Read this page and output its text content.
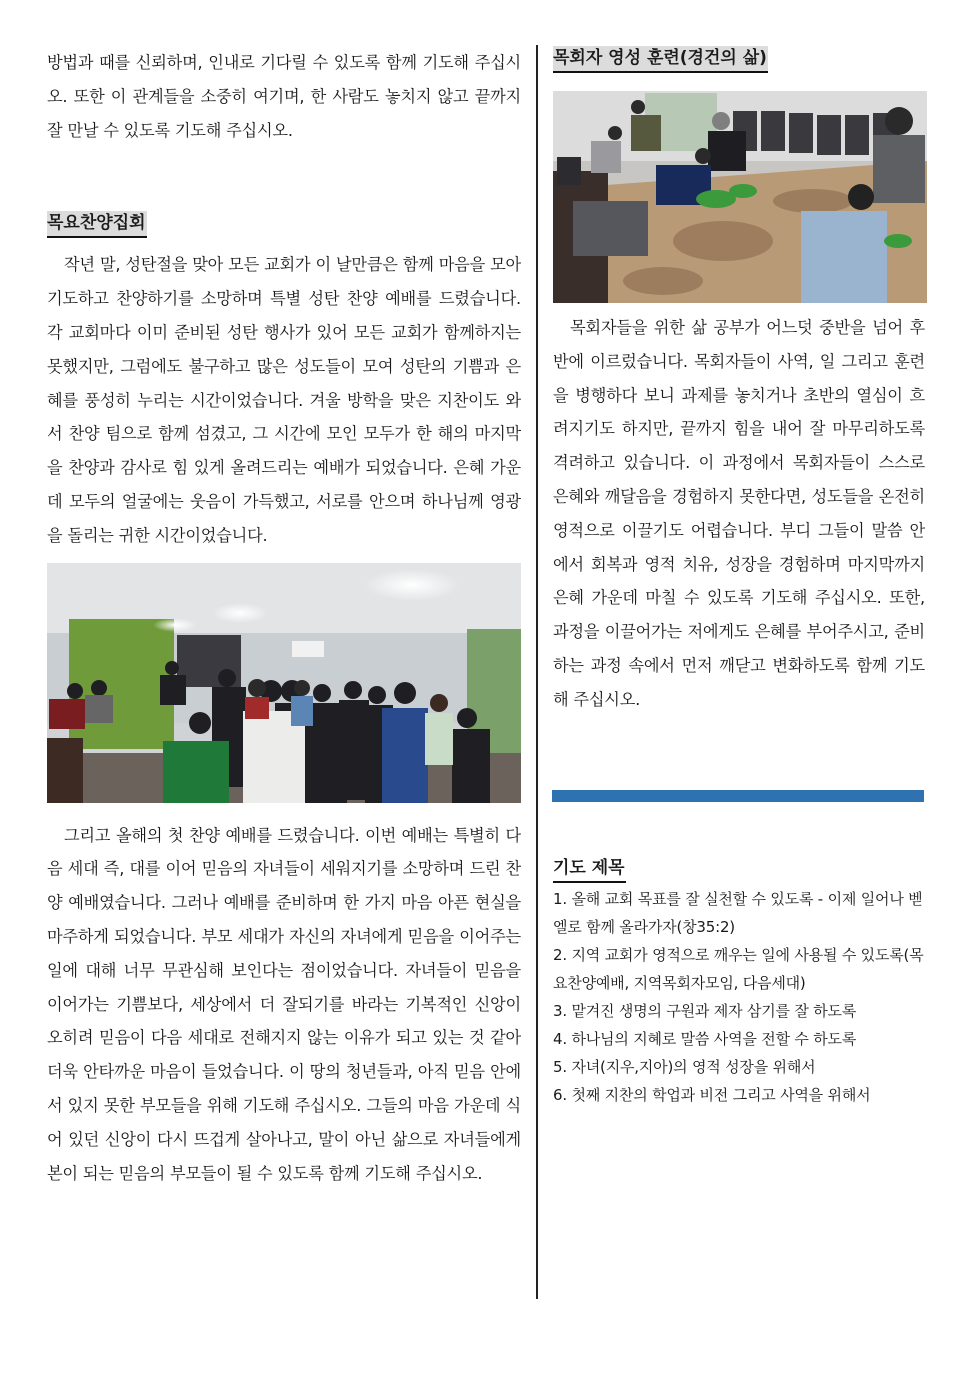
방법과 때를 신뢰하며, 인내로 기다릴 수 있도록 함께 기도해 주십시오. 또한 이 관계들을 소중히 여기며, 한 사람도 놓치지 않고 끝까지 잘 만날 수 있도록 기도해 주십시오.

목요찬양집회

작년 말, 성탄절을 맞아 모든 교회가 이 날만큼은 함께 마음을 모아 기도하고 찬양하기를 소망하며 특별 성탄 찬양 예배를 드렸습니다. 각 교회마다 이미 준비된 성탄 행사가 있어 모든 교회가 함께하지는 못했지만, 그럼에도 불구하고 많은 성도들이 모여 성탄의 기쁨과 은혜를 풍성히 누리는 시간이었습니다. 겨울 방학을 맞은 지찬이도 와서 찬양 팀으로 함께 섬겼고, 그 시간에 모인 모두가 한 해의 마지막을 찬양과 감사로 힘 있게 올려드리는 예배가 되었습니다. 은혜 가운데 모두의 얼굴에는 웃음이 가득했고, 서로를 안으며 하나님께 영광을 돌리는 귀한 시간이었습니다.

그리고 올해의 첫 찬양 예배를 드렸습니다. 이번 예배는 특별히 다음 세대 즉, 대를 이어 믿음의 자녀들이 세워지기를 소망하며 드린 찬양 예배였습니다. 그러나 예배를 준비하며 한 가지 마음 아픈 현실을 마주하게 되었습니다. 부모 세대가 자신의 자녀에게 믿음을 이어주는 일에 대해 너무 무관심해 보인다는 점이었습니다. 자녀들이 믿음을 이어가는 기쁨보다, 세상에서 더 잘되기를 바라는 기복적인 신앙이 오히려 믿음이 다음 세대로 전해지지 않는 이유가 되고 있는 것 같아 더욱 안타까운 마음이 들었습니다. 이 땅의 청년들과, 아직 믿음 안에 서 있지 못한 부모들을 위해 기도해 주십시오. 그들의 마음 가운데 식어 있던 신앙이 다시 뜨겁게 살아나고, 말이 아닌 삶으로 자녀들에게 본이 되는 믿음의 부모들이 될 수 있도록 함께 기도해 주십시오.

목회자 영성 훈련(경건의 삶)

목회자들을 위한 삶 공부가 어느덧 중반을 넘어 후반에 이르렀습니다. 목회자들이 사역, 일 그리고 훈련을 병행하다 보니 과제를 놓치거나 초반의 열심이 흐려지기도 하지만, 끝까지 힘을 내어 잘 마무리하도록 격려하고 있습니다. 이 과정에서 목회자들이 스스로 은혜와 깨달음을 경험하지 못한다면, 성도들을 온전히 영적으로 이끌기도 어렵습니다. 부디 그들이 말씀 안에서 회복과 영적 치유, 성장을 경험하며 마지막까지 은혜 가운데 마칠 수 있도록 기도해 주십시오. 또한, 과정을 이끌어가는 저에게도 은혜를 부어주시고, 준비하는 과정 속에서 먼저 깨닫고 변화하도록 함께 기도해 주십시오.

기도 제목
1. 올해 교회 목표를 잘 실천할 수 있도록 - 이제 일어나 벧엘로 함께 올라가자(창35:2)
2. 지역 교회가 영적으로 깨우는 일에 사용될 수 있도록(목요찬양예배, 지역목회자모임, 다음세대)
3. 맡겨진 생명의 구원과 제자 삼기를 잘 하도록
4. 하나님의 지혜로 말씀 사역을 전할 수 하도록
5. 자녀(지우,지아)의 영적 성장을 위해서
6. 첫째 지찬의 학업과 비전 그리고 사역을 위해서
